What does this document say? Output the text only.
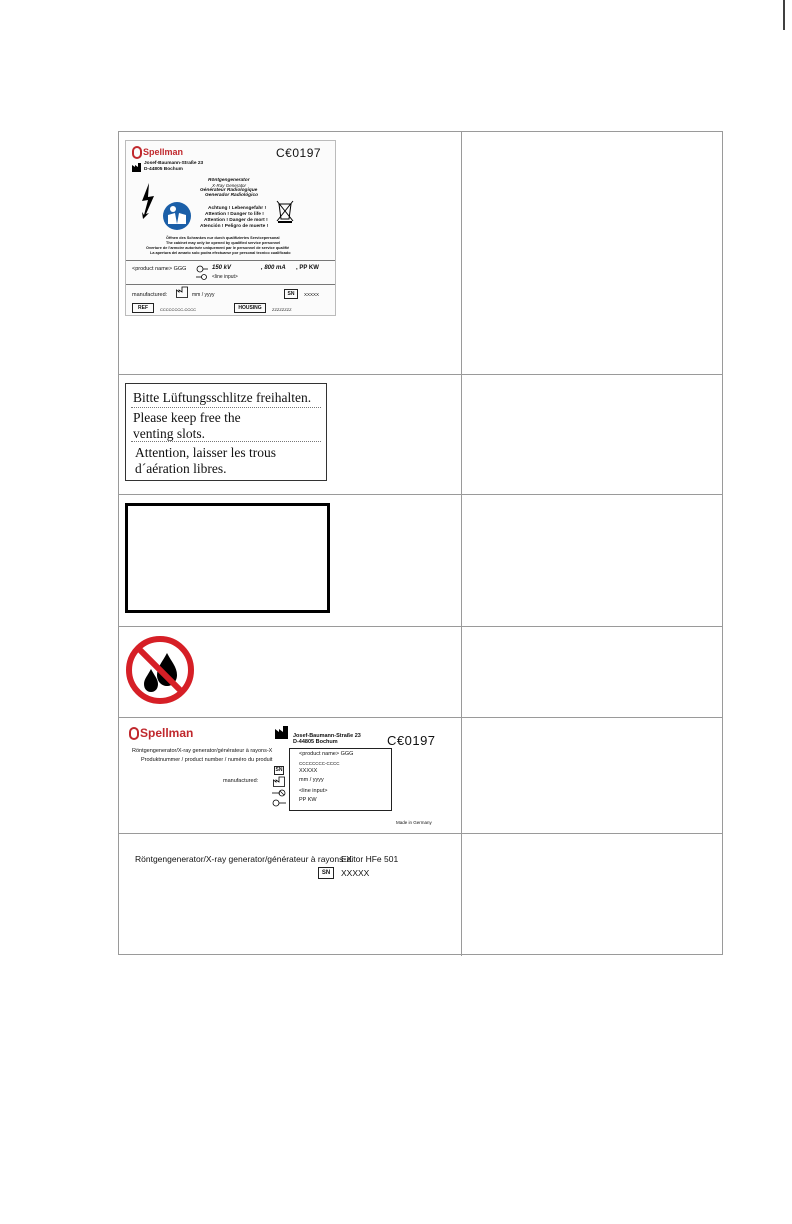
Spellman	C€0197
Josef-Baumann-Straße 23
D-44805 Bochum
Röntgengenerator
X-Ray Generator
Générateur Radiologique
Generador Radiológico
Achtung ! Lebensgefahr !
Attention ! Danger to life !
Attention ! Danger de mort !
Atención ! Peligro de muerte !
Öffnen des Schrankes nur durch qualifiziertes Servicepersonal
The cabinet may only be opened by qualified service personnel
Overture de l'armoire autorisée uniquement par le personnel de service qualifié
La apertura del amario solo podra efectuarse por personal tecnico cualificado
<product name> GGG	150 kV	, 800 mA , PP KW
<line input>
manufactured:	mm / yyyy	SN	XXXXX
REF	CCCCCCCC-CCCC	HOUSING	ZZZZZZZZ
Bitte Lüftungsschlitze freihalten.
Please keep free the
venting slots.
Attention, laisser les trous
d´aération libres.
Spellman	Josef-Baumann-Straße 23
D-44805 Bochum	C€0197
Röntgengenerator/X-ray generator/générateur à rayons-X
Produktnummer / product number / numéro du produit
SN
manufactured:
<product name> GGG
CCCCCCCC-CCCC
XXXXX
mm / yyyy
<line input>
PP KW
Made in Germany
Röntgengenerator/X-ray generator/générateur à rayons-X
Editor HFe 501
SN	XXXXX
